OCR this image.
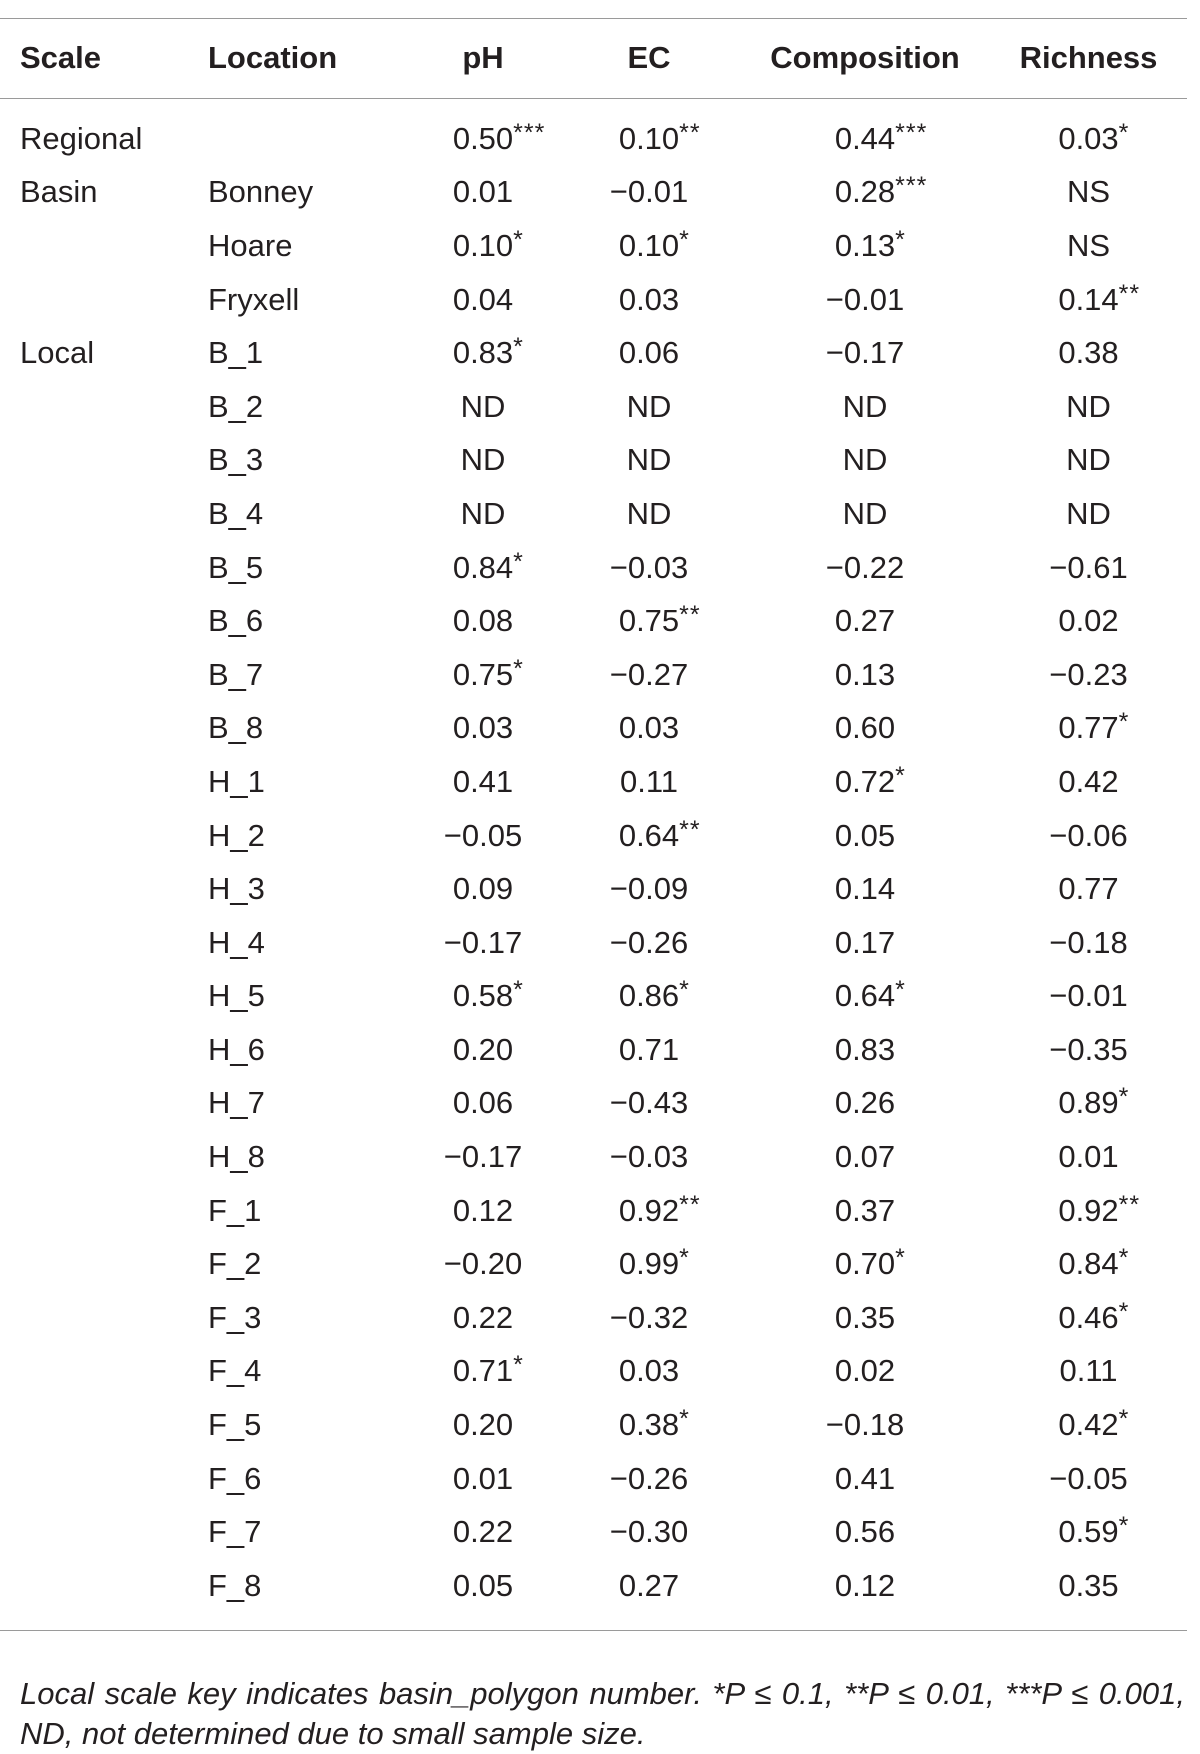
Scale	Location	pH	EC	Composition	Richness
Regional		0.50 ***	0.10 **	0.44 ***	0.03 *

Basin	Bonney	0.01	−0.01	0.28 ***	NS

	Hoare	0.10 *	0.10 *	0.13 *	NS

	Fryxell	0.04	0.03	−0.01	0.14 **

Local	B_1	0.83 *	0.06	−0.17	0.38

	B_2	ND	ND	ND	ND

	B_3	ND	ND	ND	ND

	B_4	ND	ND	ND	ND

	B_5	0.84 *	−0.03	−0.22	−0.61

	B_6	0.08	0.75 **	0.27	0.02

	B_7	0.75 *	−0.27	0.13	−0.23

	B_8	0.03	0.03	0.60	0.77 *

	H_1	0.41	0.11	0.72 *	0.42

	H_2	−0.05	0.64 **	0.05	−0.06

	H_3	0.09	−0.09	0.14	0.77

	H_4	−0.17	−0.26	0.17	−0.18

	H_5	0.58 *	0.86 *	0.64 *	−0.01

	H_6	0.20	0.71	0.83	−0.35

	H_7	0.06	−0.43	0.26	0.89 *

	H_8	−0.17	−0.03	0.07	0.01

	F_1	0.12	0.92 **	0.37	0.92 **

	F_2	−0.20	0.99 *	0.70 *	0.84 *

	F_3	0.22	−0.32	0.35	0.46 *

	F_4	0.71 *	0.03	0.02	0.11

	F_5	0.20	0.38 *	−0.18	0.42 *

	F_6	0.01	−0.26	0.41	−0.05

	F_7	0.22	−0.30	0.56	0.59 *

	F_8	0.05	0.27	0.12	0.35

Local scale key indicates basin_polygon number. *P ≤ 0.1, **P ≤ 0.01, ***P ≤ 0.001, ND, not determined due to small sample size.
